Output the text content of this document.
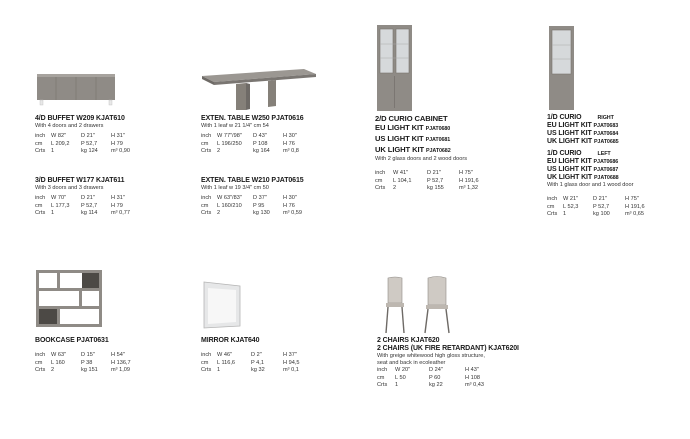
4/D BUFFET W209 KJAT610
With 4 doors and 2 drawers
inch	W 82"	D 21"	H 31"
cm	L 209,2	P 52,7	H 79
Crts	1	kg 124	m³ 0,90
3/D BUFFET W177 KJAT611
With 3 doors and 3 drawers
inch	W 70"	D 21"	H 31"
cm	L 177,3	P 52,7	H 79
Crts	1	kg 114	m³ 0,77
EXTEN. TABLE W250 PJAT0616
With 1 leaf w 21 1/4" cm 54
inch	W 77"/98"	D 43"	H 30"
cm	L 196/250	P 108	H 76
Crts	2	kg 164	m³ 0,8
EXTEN. TABLE W210 PJAT0615
With 1 leaf w 19 3/4" cm 50
inch	W 63"/83"	D 37"	H 30"
cm	L 160/210	P 95	H 76
Crts	2	kg 130	m³ 0,59
2/D CURIO CABINET
EU LIGHT KIT PJAT0680
US LIGHT KIT PJAT0681
UK LIGHT KIT PJAT0682
With 2 glass doors and 2 wood doors
inch	W 41"	D 21"	H 75"
cm	L 104,1	P 52,7	H 191,6
Crts	2	kg 155	m³ 1,32
1/D CURIO	RIGHT
EU LIGHT KIT PJAT0683
US LIGHT KIT PJAT0684
UK LIGHT KIT PJAT0685
1/D CURIO	LEFT
EU LIGHT KIT PJAT0686
US LIGHT KIT PJAT0687
UK LIGHT KIT PJAT0688
With 1 glass door and 1 wood door
inch	W 21"	D 21"	H 75"
cm	L 52,3	P 52,7	H 191,6
Crts	1	kg 100	m³ 0,65
BOOKCASE PJAT0631
inch	W 63"	D 15"	H 54"
cm	L 160	P 38	H 136,7
Crts	2	kg 151	m³ 1,09
MIRROR KJAT640
inch	W 46"	D 2"	H 37"
cm	L 116,6	P 4,1	H 94,5
Crts	1	kg 32	m³ 0,1
2 CHAIRS KJAT620
2 CHAIRS (UK FIRE RETARDANT) KJAT620I
With greige whitewood high gloss structure,
seat and back in ecoleather
inch	W 20"	D 24"	H 43"
cm	L 50	P 60	H 108
Crts	1	kg 22	m³ 0,43
